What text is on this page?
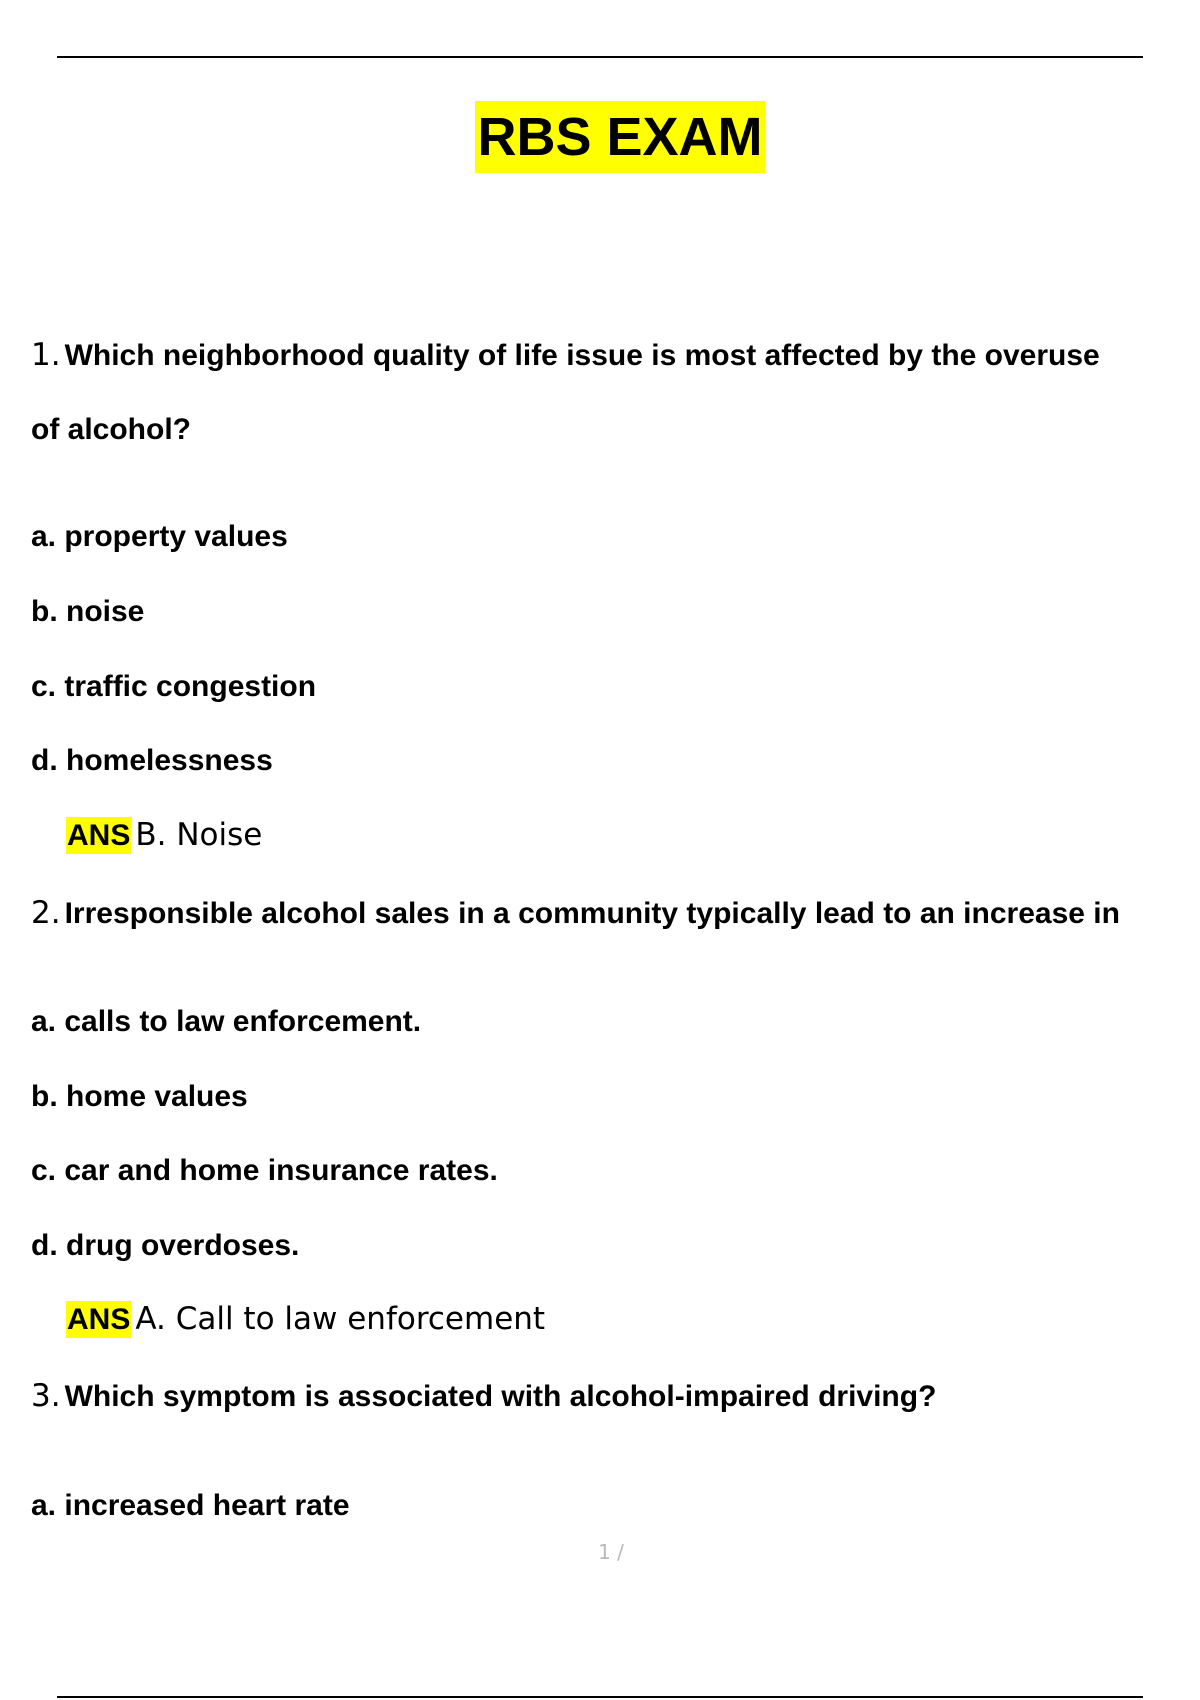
RBS EXAM
1. Which neighborhood quality of life issue is most affected by the overuse
of alcohol?
a. property values
b. noise
c. traffic congestion
d. homelessness
ANS B. Noise
2. Irresponsible alcohol sales in a community typically lead to an increase in
a. calls to law enforcement.
b. home values
c. car and home insurance rates.
d. drug overdoses.
ANS A. Call to law enforcement
3. Which symptom is associated with alcohol-impaired driving?
a. increased heart rate
1 /
